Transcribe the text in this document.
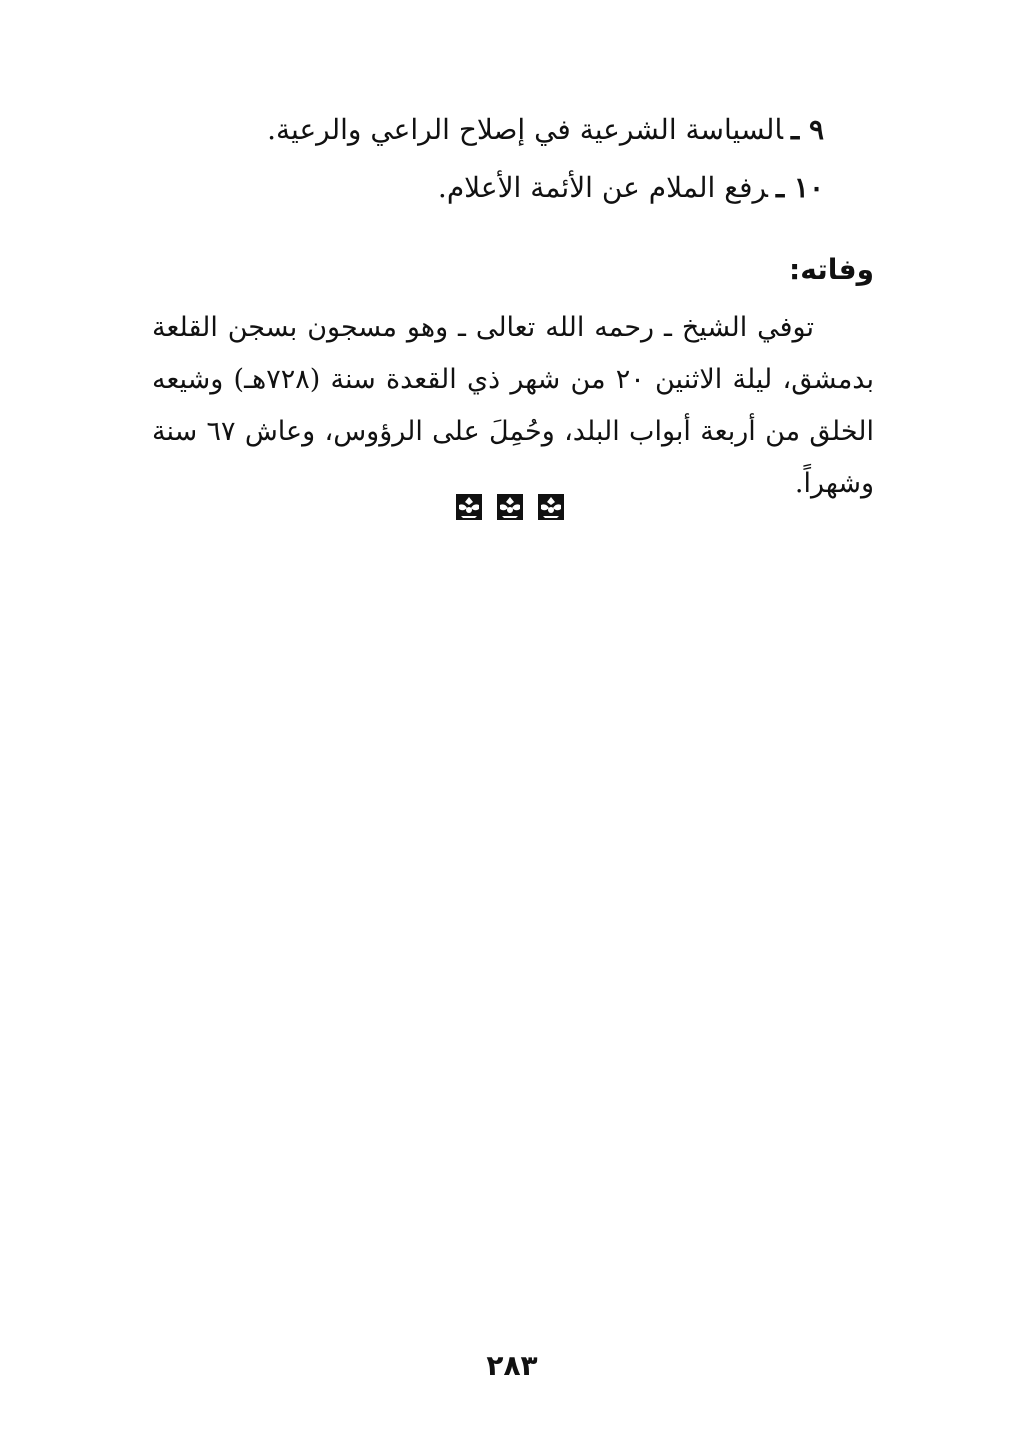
٩ ـالسياسة الشرعية في إصلاح الراعي والرعية.
١٠ ـرفع الملام عن الأئمة الأعلام.
وفاته:
توفي الشيخ ـ رحمه الله تعالى ـ وهو مسجون بسجن القلعة
بدمشق، ليلة الاثنين ٢٠ من شهر ذي القعدة سنة (٧٢٨هـ) وشيعه
الخلق من أربعة أبواب البلد، وحُمِلَ على الرؤوس، وعاش ٦٧ سنة
وشهراً.
٢٨٣
